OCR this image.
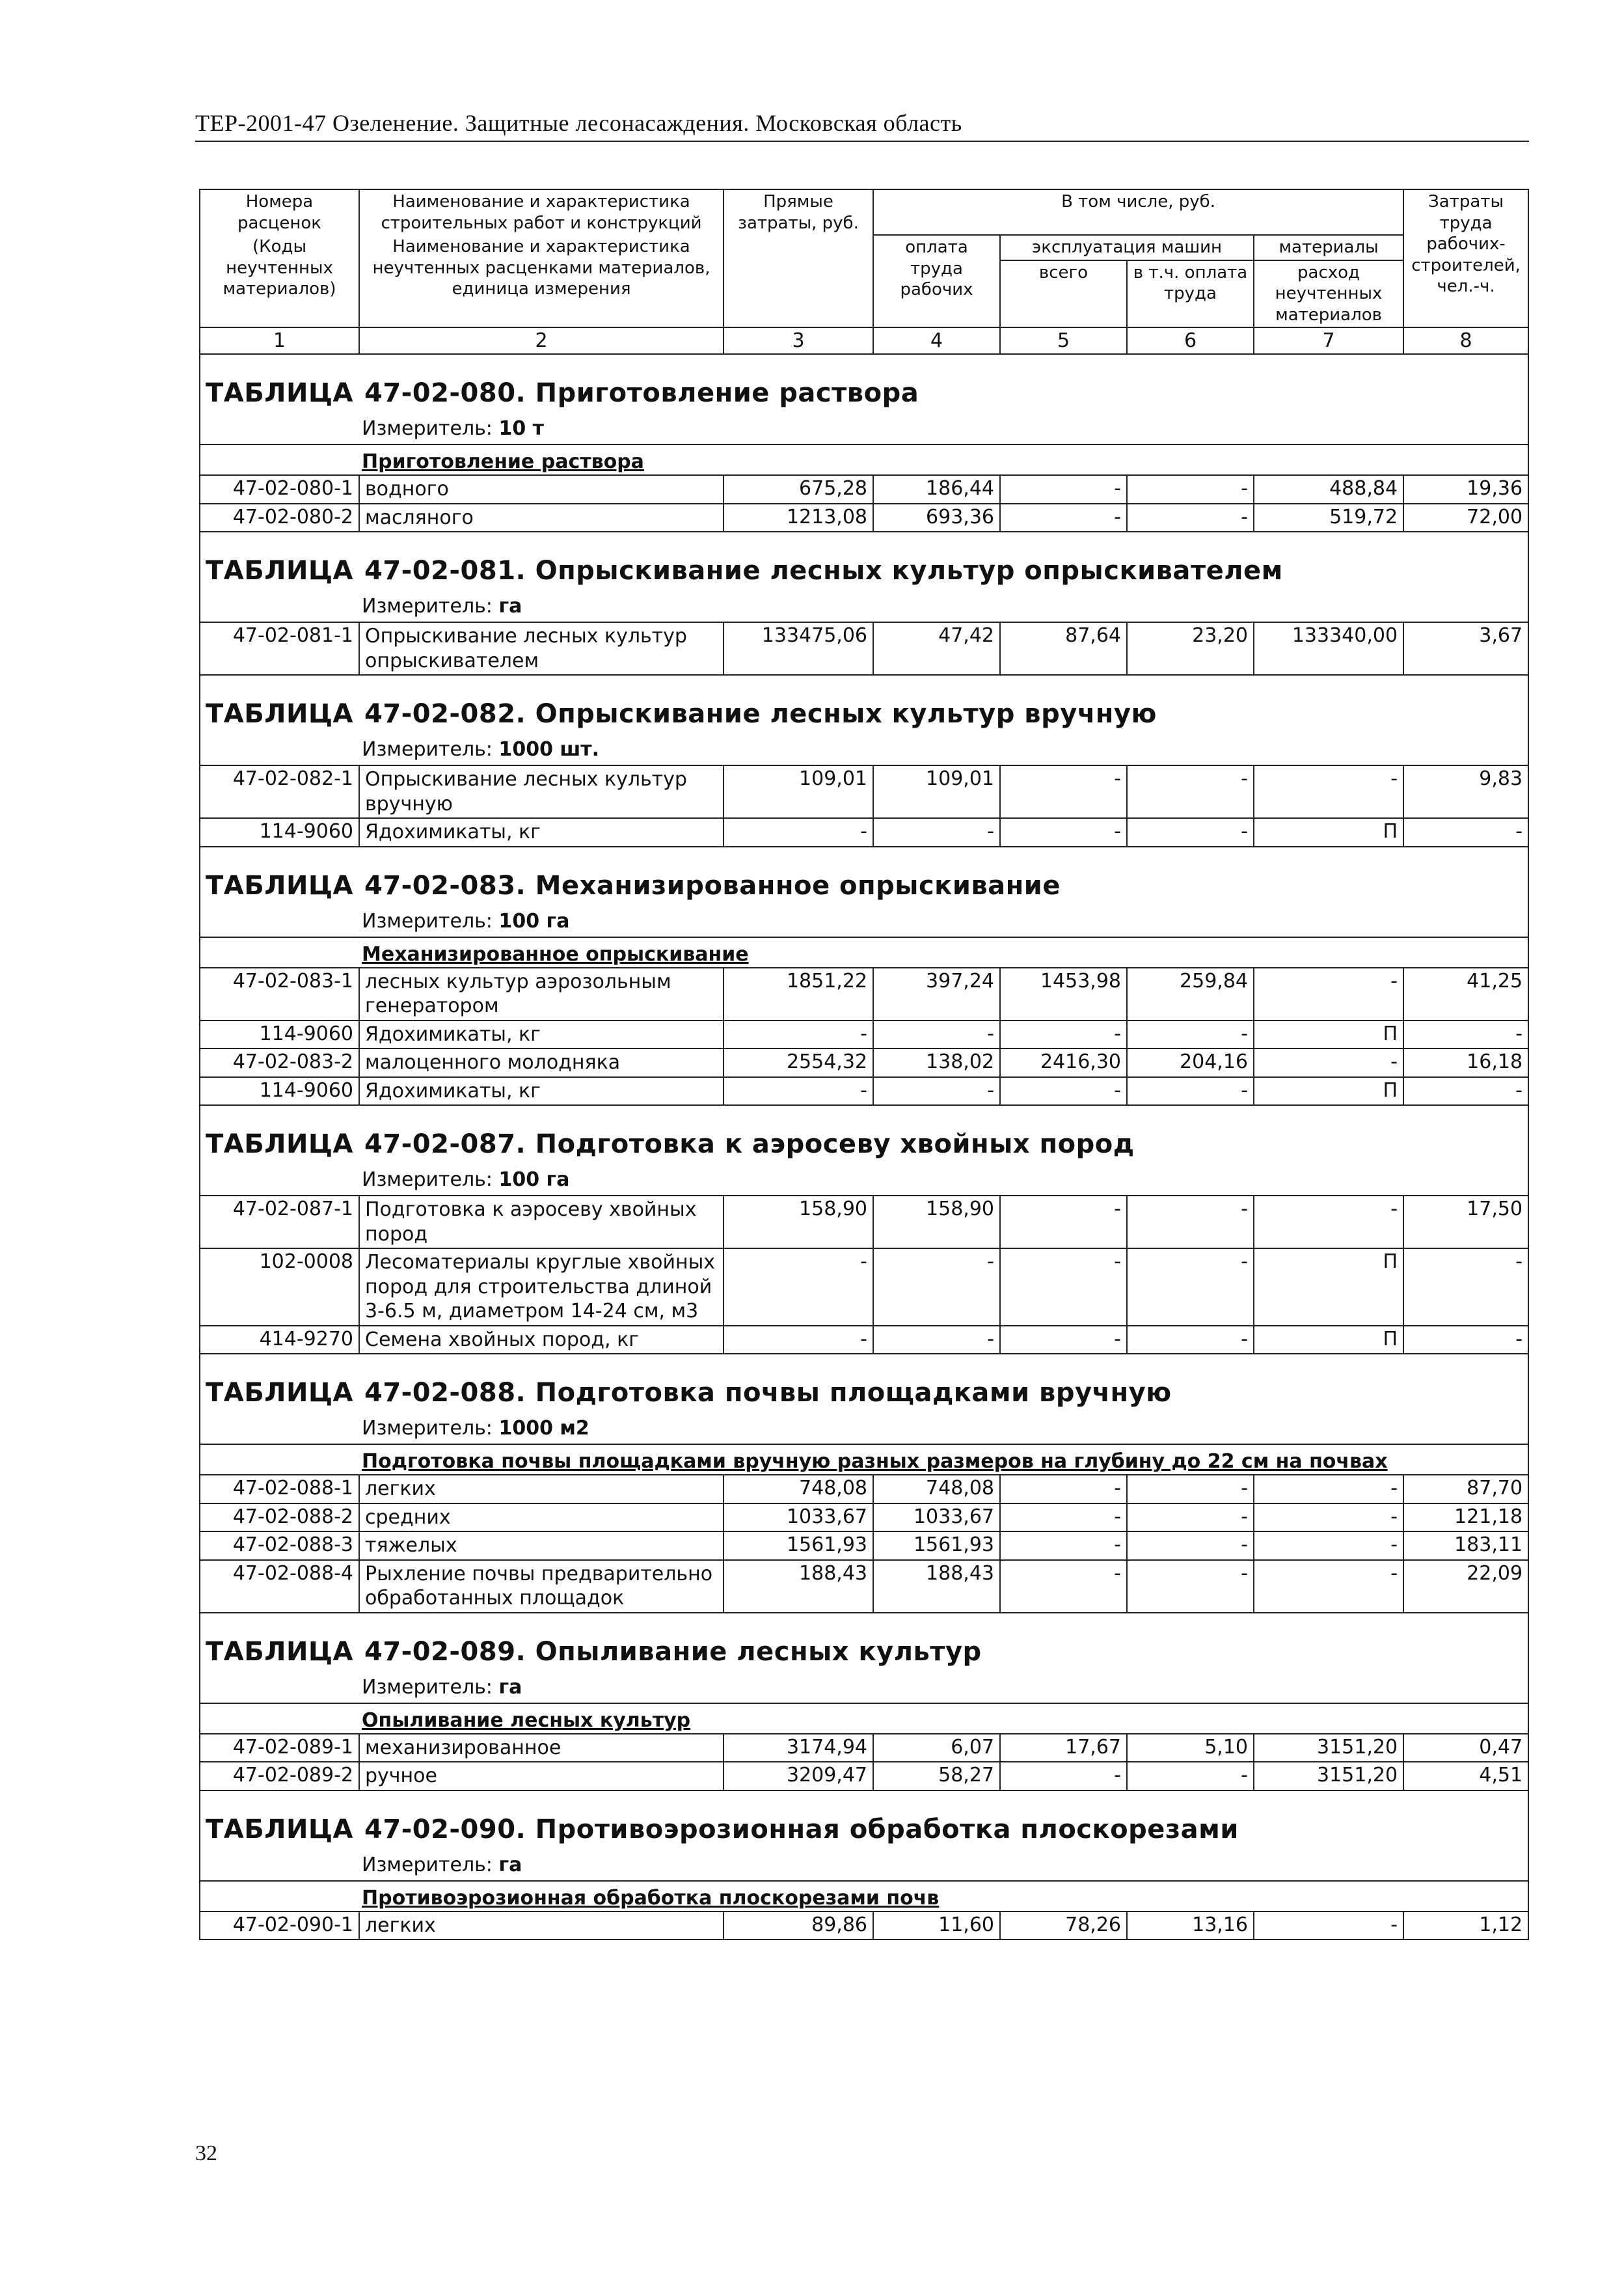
ТЕР-2001-47 Озеленение. Защитные лесонасаждения. Московская область
Номера расценок	Наименование и характеристика строительных работ и конструкций	Прямые затраты, руб.	В том числе, руб.				Затраты труда рабочих-строителей, чел.-ч.
(Коды неучтенных материалов)	Наименование и характеристика неучтенных расценками материалов, единица измерения		оплата труда рабочих	эксплуатация машин		материалы	
				всего	в т.ч. оплата труда	расход неучтенных материалов	

1	2	3	4	5	6	7	8
ТАБЛИЦА 47-02-080. Приготовление раствора							
Измеритель: 10 т							
Приготовление раствора							
47-02-080-1	водного	675,28	186,44	-	-	488,84	19,36
47-02-080-2	масляного	1213,08	693,36	-	-	519,72	72,00
ТАБЛИЦА 47-02-081. Опрыскивание лесных культур опрыскивателем							
Измеритель: га							
47-02-081-1	Опрыскивание лесных культур опрыскивателем	133475,06	47,42	87,64	23,20	133340,00	3,67
ТАБЛИЦА 47-02-082. Опрыскивание лесных культур вручную							
Измеритель: 1000 шт.							
47-02-082-1	Опрыскивание лесных культур вручную	109,01	109,01	-	-	-	9,83
114-9060	Ядохимикаты, кг	-	-	-	-	П	-
ТАБЛИЦА 47-02-083. Механизированное опрыскивание							
Измеритель: 100 га							
Механизированное опрыскивание							
47-02-083-1	лесных культур аэрозольным генератором	1851,22	397,24	1453,98	259,84	-	41,25
114-9060	Ядохимикаты, кг	-	-	-	-	П	-
47-02-083-2	малоценного молодняка	2554,32	138,02	2416,30	204,16	-	16,18
114-9060	Ядохимикаты, кг	-	-	-	-	П	-
ТАБЛИЦА 47-02-087. Подготовка к аэросеву хвойных пород							
Измеритель: 100 га							
47-02-087-1	Подготовка к аэросеву хвойных пород	158,90	158,90	-	-	-	17,50
102-0008	Лесоматериалы круглые хвойных пород для строительства длиной 3-6.5 м, диаметром 14-24 см, м3	-	-	-	-	П	-
414-9270	Семена хвойных пород, кг	-	-	-	-	П	-
ТАБЛИЦА 47-02-088. Подготовка почвы площадками вручную							
Измеритель: 1000 м2							
Подготовка почвы площадками вручную разных размеров на глубину до 22 см на почвах							
47-02-088-1	легких	748,08	748,08	-	-	-	87,70
47-02-088-2	средних	1033,67	1033,67	-	-	-	121,18
47-02-088-3	тяжелых	1561,93	1561,93	-	-	-	183,11
47-02-088-4	Рыхление почвы предварительно обработанных площадок	188,43	188,43	-	-	-	22,09
ТАБЛИЦА 47-02-089. Опыливание лесных культур							
Измеритель: га							
Опыливание лесных культур							
47-02-089-1	механизированное	3174,94	6,07	17,67	5,10	3151,20	0,47
47-02-089-2	ручное	3209,47	58,27	-	-	3151,20	4,51
ТАБЛИЦА 47-02-090. Противоэрозионная обработка плоскорезами							
Измеритель: га							
Противоэрозионная обработка плоскорезами почв							
47-02-090-1	легких	89,86	11,60	78,26	13,16	-	1,12
32
